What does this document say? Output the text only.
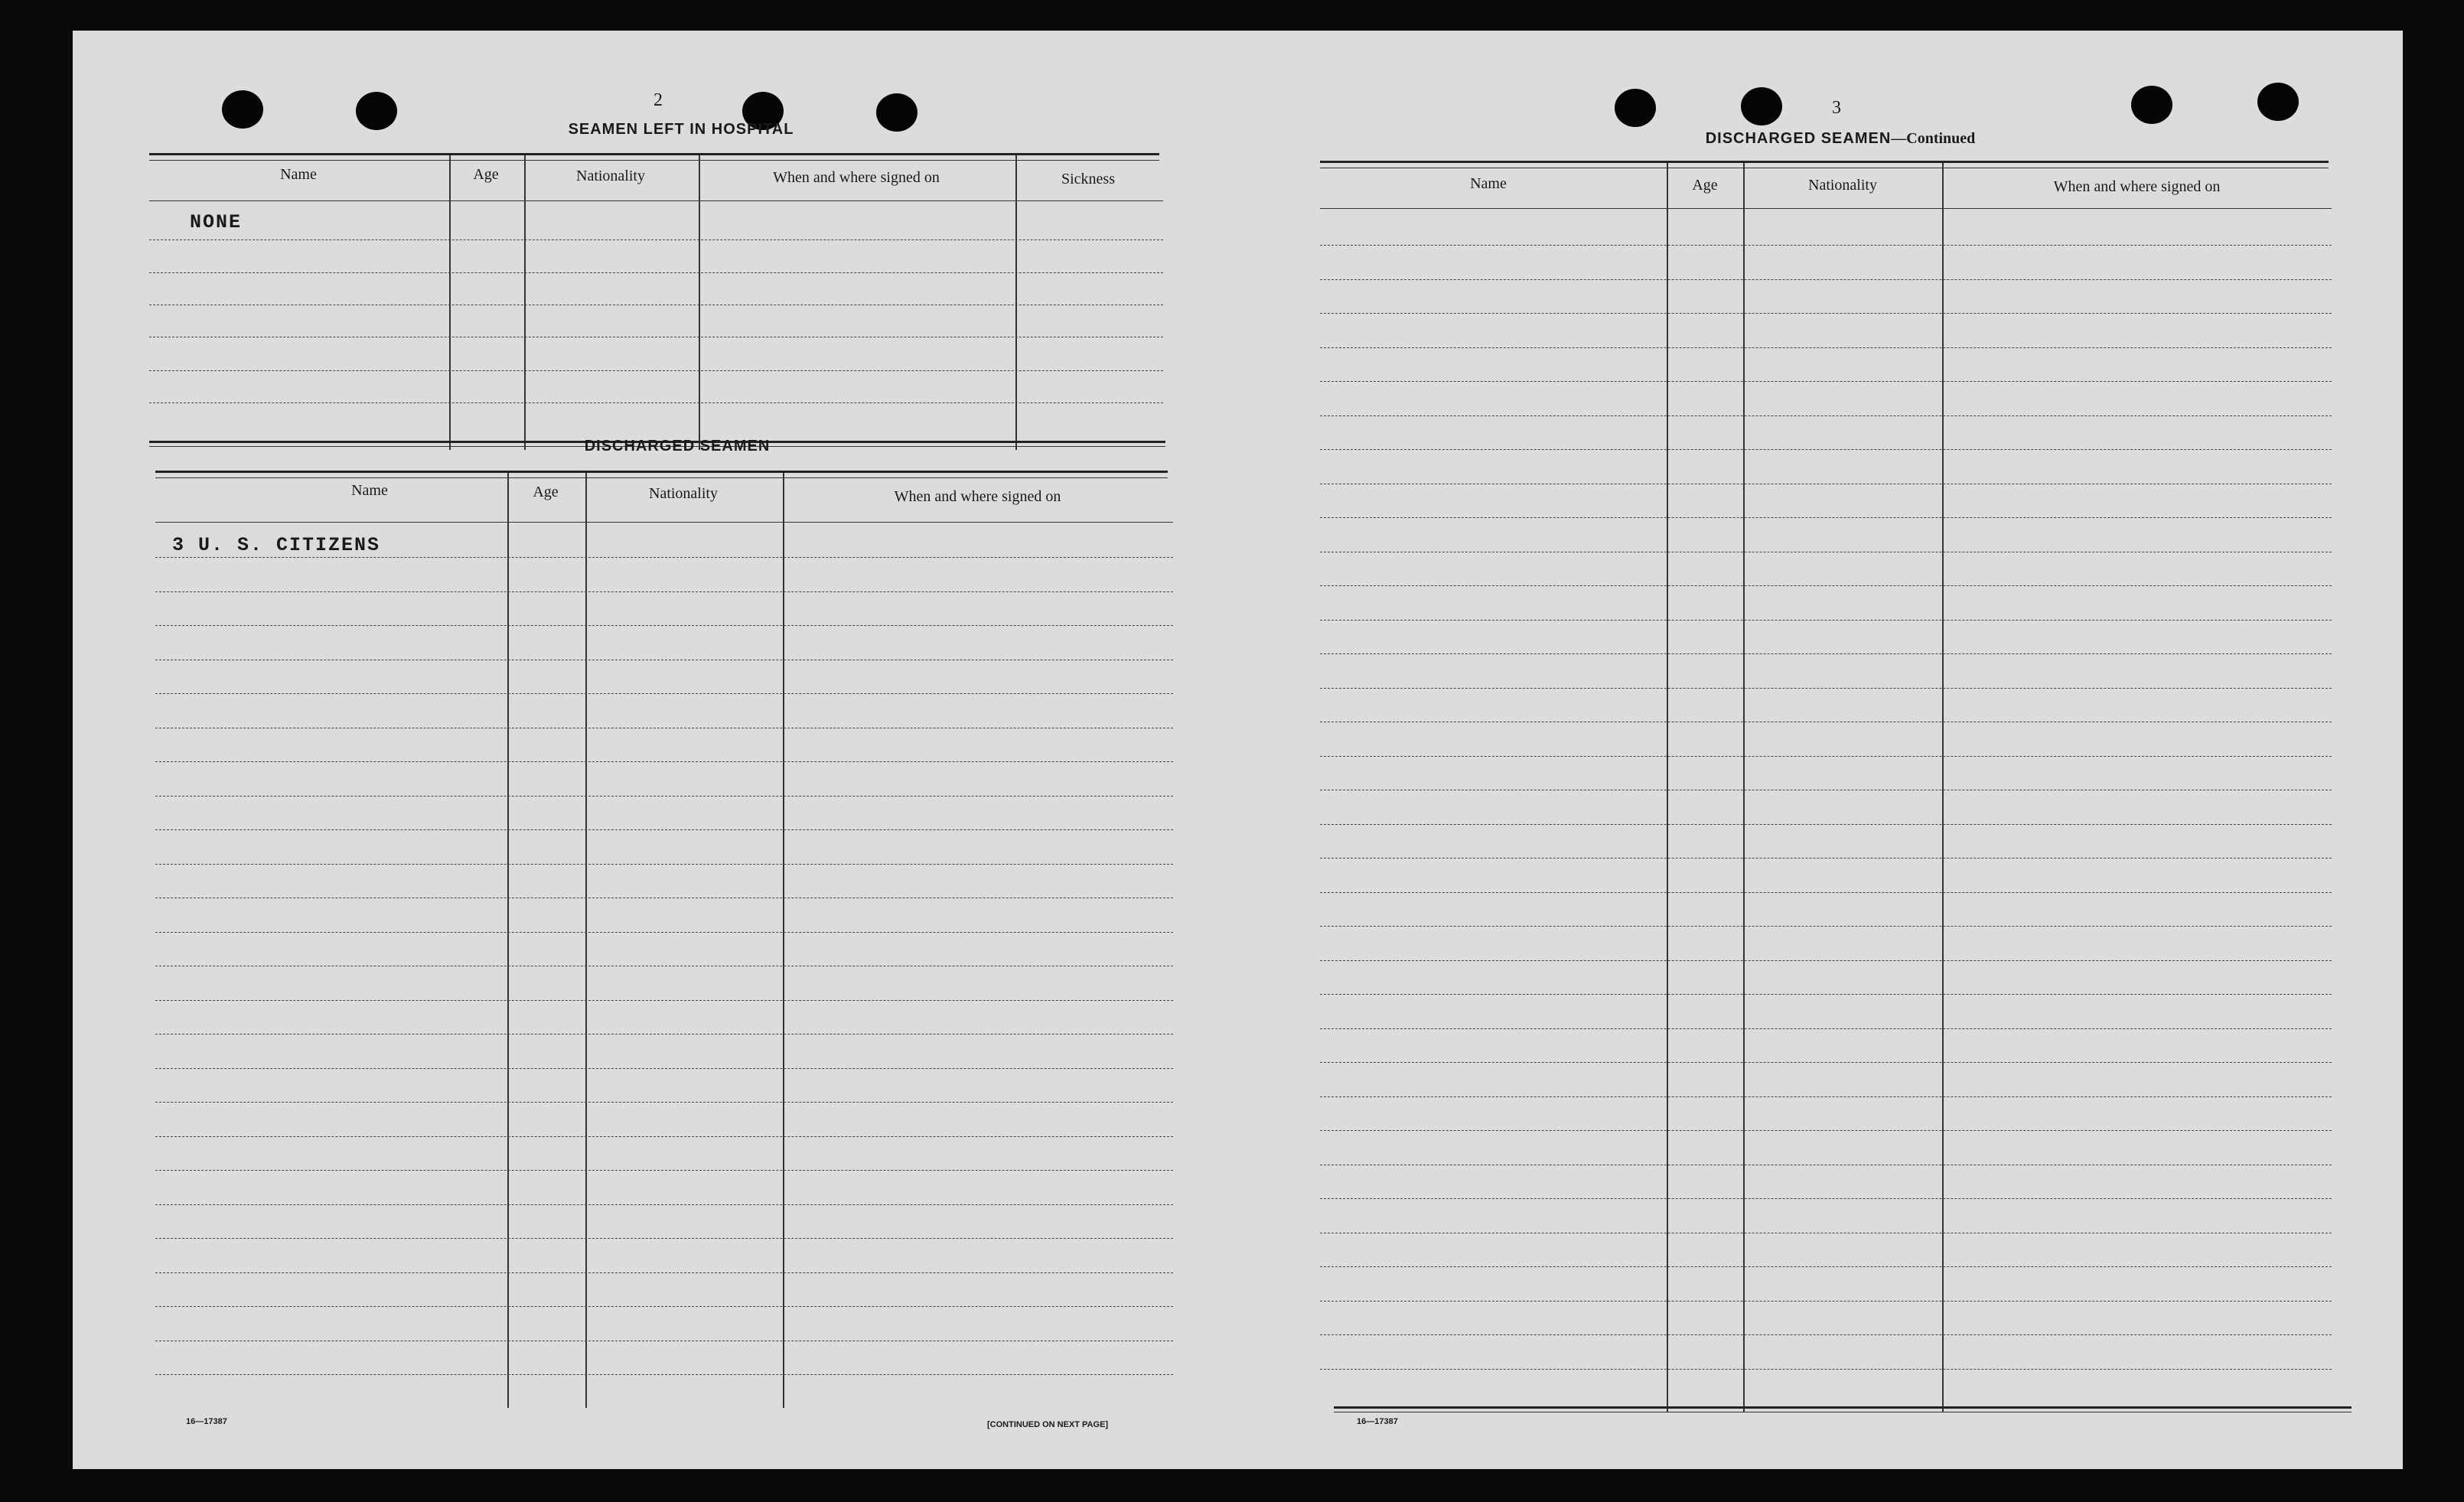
2
SEAMEN LEFT IN HOSPITAL
Name	Age	Nationality	When and where signed on	Sickness
NONE
DISCHARGED SEAMEN
Name	Age	Nationality	When and where signed on
3 U. S. CITIZENS
16—17387	[CONTINUED ON NEXT PAGE]
3
DISCHARGED SEAMEN—Continued
Name	Age	Nationality	When and where signed on
16—17387
